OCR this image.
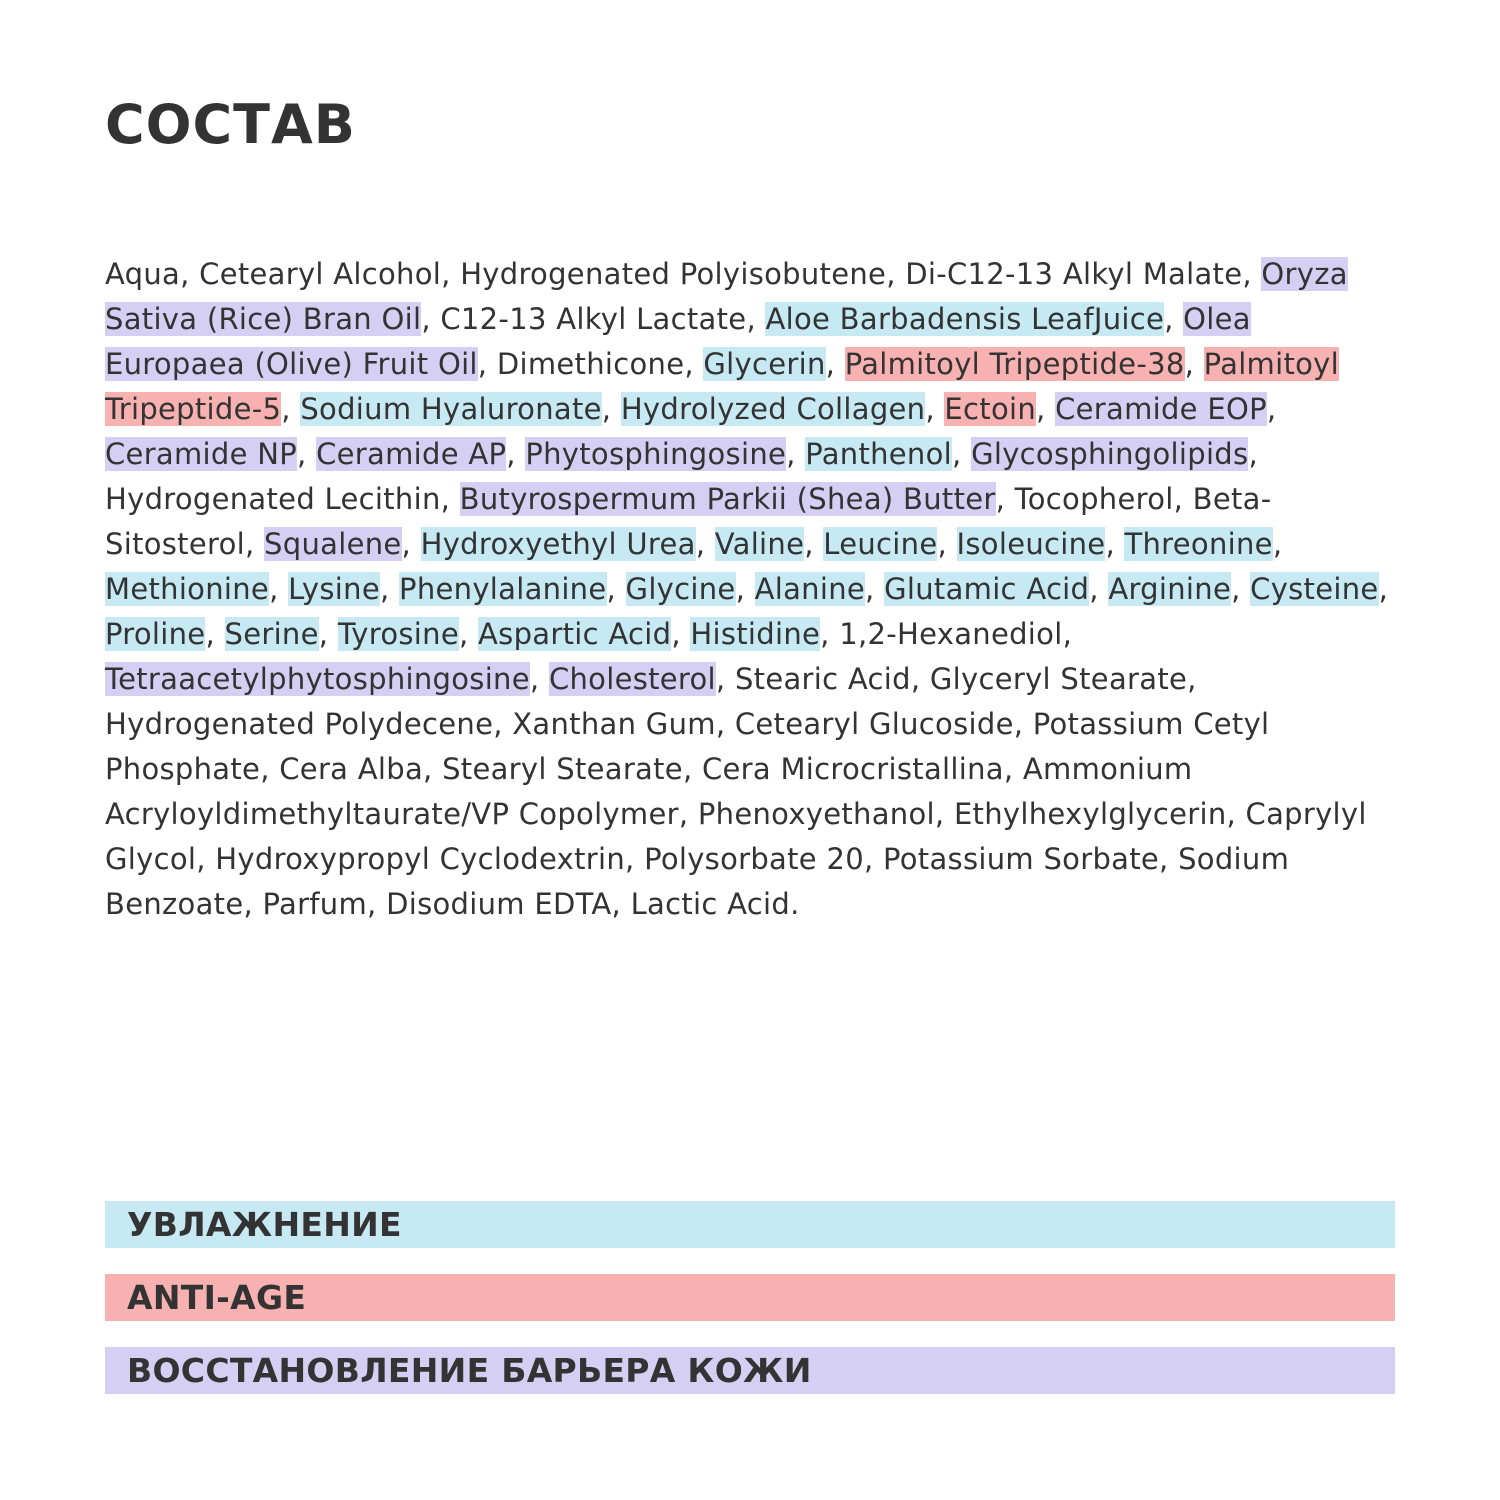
СОСТАВ

Aqua, Cetearyl Alcohol, Hydrogenated Polyisobutene, Di-C12-13 Alkyl Malate, Oryza Sativa (Rice) Bran Oil, C12-13 Alkyl Lactate, Aloe Barbadensis LeafJuice, Olea Europaea (Olive) Fruit Oil, Dimethicone, Glycerin, Palmitoyl Tripeptide-38, Palmitoyl Tripeptide-5, Sodium Hyaluronate, Hydrolyzed Collagen, Ectoin, Ceramide EOP, Ceramide NP, Ceramide AP, Phytosphingosine, Panthenol, Glycosphingolipids, Hydrogenated Lecithin, Butyrospermum Parkii (Shea) Butter, Tocopherol, Beta-Sitosterol, Squalene, Hydroxyethyl Urea, Valine, Leucine, Isoleucine, Threonine, Methionine, Lysine, Phenylalanine, Glycine, Alanine, Glutamic Acid, Arginine, Cysteine, Proline, Serine, Tyrosine, Aspartic Acid, Histidine, 1,2-Hexanediol, Tetraacetylphytosphingosine, Cholesterol, Stearic Acid, Glyceryl Stearate, Hydrogenated Polydecene, Xanthan Gum, Cetearyl Glucoside, Potassium Cetyl Phosphate, Cera Alba, Stearyl Stearate, Cera Microcristallina, Ammonium Acryloyldimethyltaurate/VP Copolymer, Phenoxyethanol, Ethylhexylglycerin, Caprylyl Glycol, Hydroxypropyl Cyclodextrin, Polysorbate 20, Potassium Sorbate, Sodium Benzoate, Parfum, Disodium EDTA, Lactic Acid.

УВЛАЖНЕНИЕ
ANTI-AGE
ВОССТАНОВЛЕНИЕ БАРЬЕРА КОЖИ
